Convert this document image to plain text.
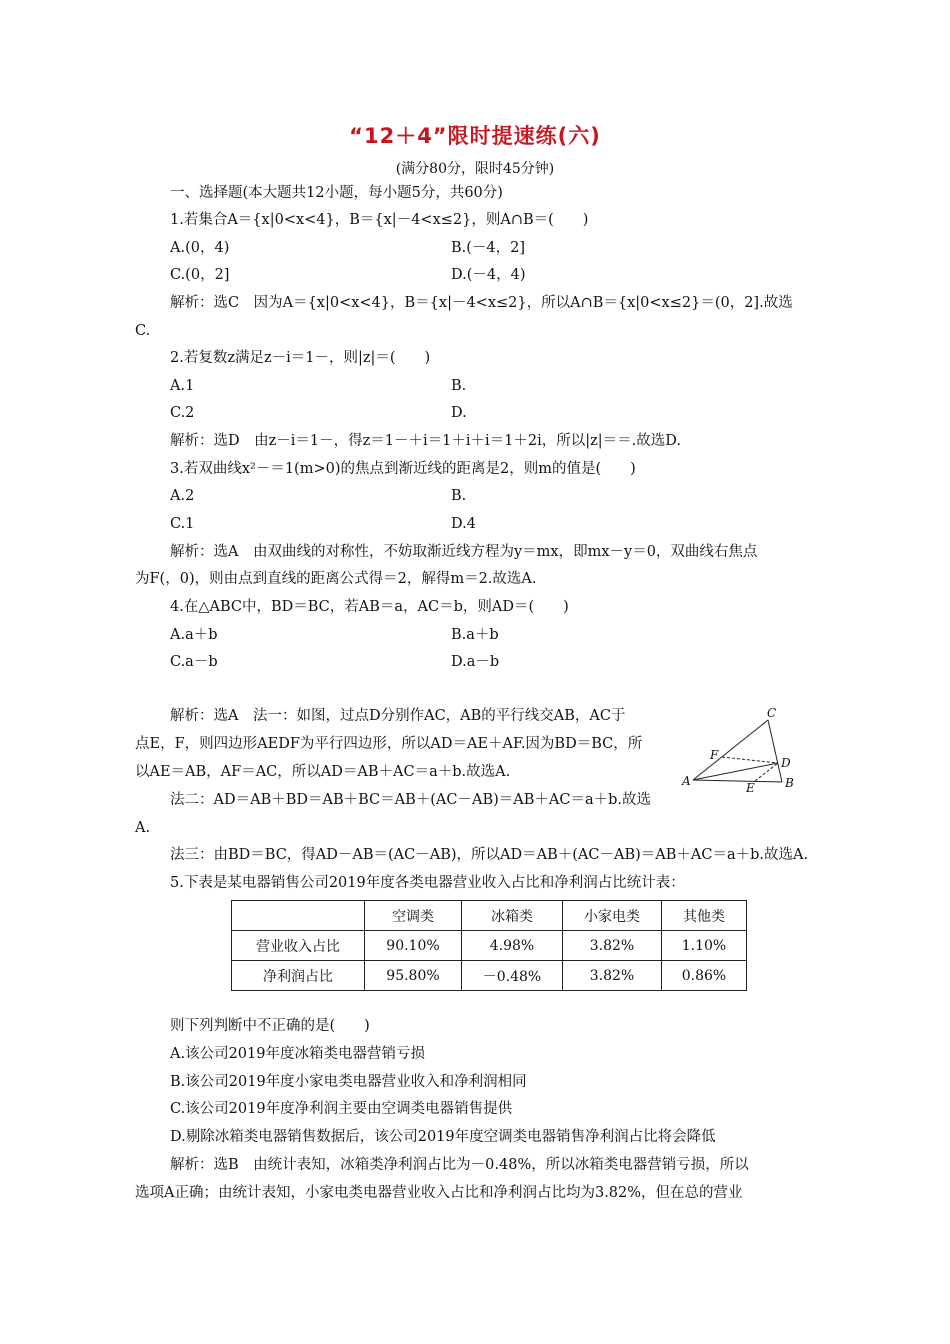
“12＋4”限时提速练(六)
(满分80分，限时45分钟)
一、选择题(本大题共12小题，每小题5分，共60分)
1.若集合A＝{x|0<x<4}，B＝{x|－4<x≤2}，则A∩B＝(　　)
A.(0，4)	B.(－4，2]
C.(0，2]	D.(－4，4)
解析：选C　因为A＝{x|0<x<4}，B＝{x|－4<x≤2}，所以A∩B＝{x|0<x≤2}＝(0，2].故选
C.
2.若复数z满足z－i＝1－，则|z|＝(　　)
A.1	B.
C.2	D.
解析：选D　由z－i＝1－，得z＝1－＋i＝1＋i＋i＝1＋2i，所以|z|＝＝.故选D.
3.若双曲线x²－＝1(m>0)的焦点到渐近线的距离是2，则m的值是(　　)
A.2	B.
C.1	D.4
解析：选A　由双曲线的对称性，不妨取渐近线方程为y＝mx，即mx－y＝0，双曲线右焦点
为F(，0)，则由点到直线的距离公式得＝2，解得m＝2.故选A.
4.在△ABC中，BD＝BC，若AB＝a，AC＝b，则AD＝(　　)
A.a＋b	B.a＋b
C.a－b	D.a－b
解析：选A　法一：如图，过点D分别作AC，AB的平行线交AB，AC于
点E，F，则四边形AEDF为平行四边形，所以AD＝AE＋AF.因为BD＝BC，所
以AE＝AB，AF＝AC，所以AD＝AB＋AC＝a＋b.故选A.
法二：AD＝AB＋BD＝AB＋BC＝AB＋(AC－AB)＝AB＋AC＝a＋b.故选
A.
法三：由BD＝BC，得AD－AB＝(AC－AB)，所以AD＝AB＋(AC－AB)＝AB＋AC＝a＋b.故选A.
C
F
D
A	E	B
5.下表是某电器销售公司2019年度各类电器营业收入占比和净利润占比统计表：
	空调类	冰箱类	小家电类	其他类
营业收入占比	90.10%	4.98%	3.82%	1.10%
净利润占比	95.80%	－0.48%	3.82%	0.86%
则下列判断中不正确的是(　　)
A.该公司2019年度冰箱类电器营销亏损
B.该公司2019年度小家电类电器营业收入和净利润相同
C.该公司2019年度净利润主要由空调类电器销售提供
D.剔除冰箱类电器销售数据后，该公司2019年度空调类电器销售净利润占比将会降低
解析：选B　由统计表知，冰箱类净利润占比为－0.48%，所以冰箱类电器营销亏损，所以
选项A正确；由统计表知，小家电类电器营业收入占比和净利润占比均为3.82%，但在总的营业
